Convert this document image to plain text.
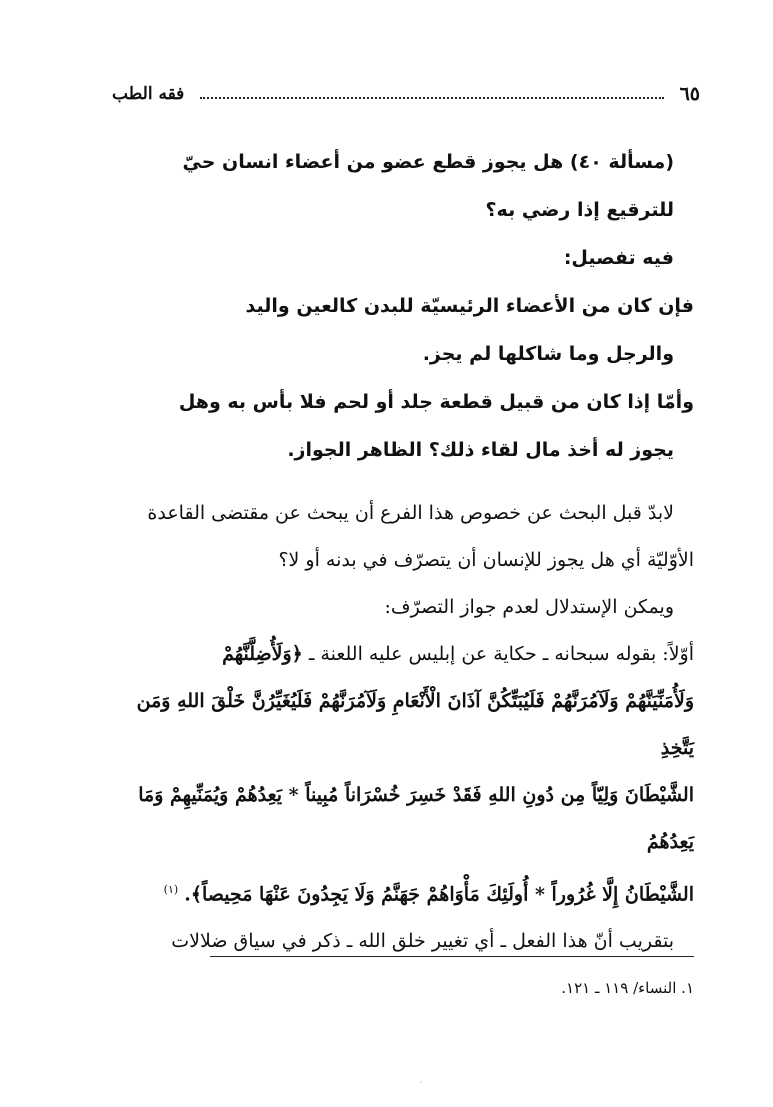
٦٥
فقه الطب

(مسألة ٤٠) هل يجوز قطع عضو من أعضاء انسان حيّ

للترقيع إذا رضي به؟

فيه تفصيل:

فإن كان من الأعضاء الرئيسيّة للبدن كالعين واليد

والرجل وما شاكلها لم يجز.

وأمّا إذا كان من قبيل قطعة جلد أو لحم فلا بأس به وهل

يجوز له أخذ مال لقاء ذلك؟ الظاهر الجواز.

لابدّ قبل البحث عن خصوص هذا الفرع أن يبحث عن مقتضى القاعدة

الأوّليّة أي هل يجوز للإنسان أن يتصرّف في بدنه أو لا؟

ويمكن الإستدلال لعدم جواز التصرّف:

أوّلاً: بقوله سبحانه ـ حكاية عن إبليس عليه اللعنة ـ ﴿وَلَأُضِلَّنَّهُمْ

وَلَأُمَنِّيَنَّهُمْ وَلَآمُرَنَّهُمْ فَلَيُبَتِّكُنَّ آذَانَ الْأَنْعَامِ وَلَآمُرَنَّهُمْ فَلَيُغَيِّرُنَّ خَلْقَ اللهِ وَمَن يَتَّخِذِ

الشَّيْطَانَ وَلِيّاً مِن دُونِ اللهِ فَقَدْ خَسِرَ خُسْرَاناً مُبِيناً * يَعِدُهُمْ وَيُمَنِّيهِمْ وَمَا يَعِدُهُمُ

الشَّيْطَانُ إِلَّا غُرُوراً * أُولَئِكَ مَأْوَاهُمْ جَهَنَّمُ وَلَا يَجِدُونَ عَنْهَا مَحِيصاً﴾. $^{(١)}$

بتقريب أنّ هذا الفعل ـ أي تغيير خلق الله ـ ذكر في سياق ضلالات

١. النساء/ ١١٩ ـ ١٢١.
·
